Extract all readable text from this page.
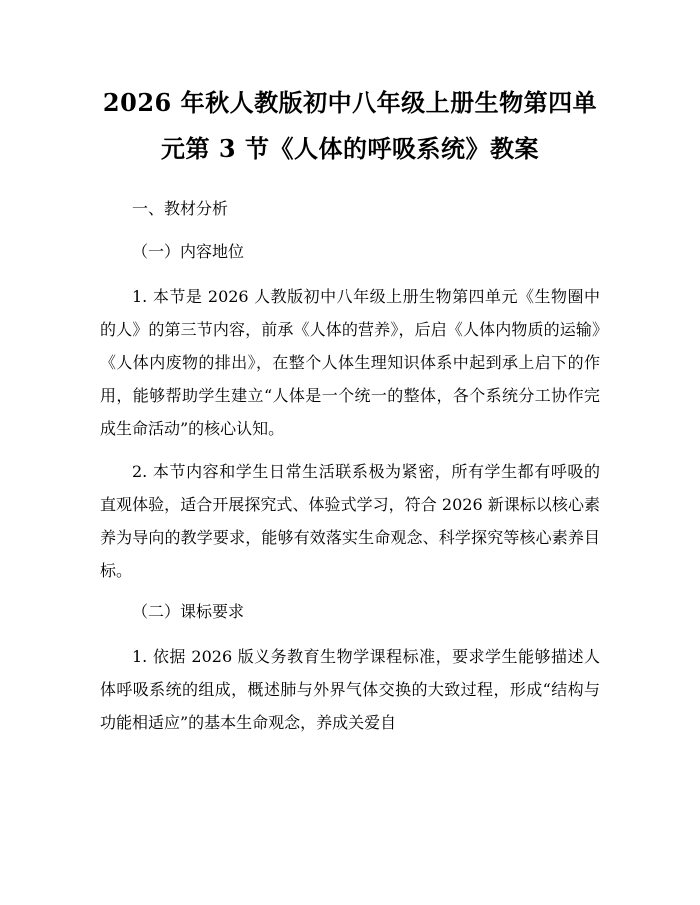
2026 年秋人教版初中八年级上册生物第四单
元第 3 节《人体的呼吸系统》教案

一、教材分析

（一）内容地位

1. 本节是 2026 人教版初中八年级上册生物第四单元《生物圈中的人》的第三节内容，前承《人体的营养》，后启《人体内物质的运输》《人体内废物的排出》，在整个人体生理知识体系中起到承上启下的作用，能够帮助学生建立“人体是一个统一的整体，各个系统分工协作完成生命活动”的核心认知。

2. 本节内容和学生日常生活联系极为紧密，所有学生都有呼吸的直观体验，适合开展探究式、体验式学习，符合 2026 新课标以核心素养为导向的教学要求，能够有效落实生命观念、科学探究等核心素养目标。

（二）课标要求

1. 依据 2026 版义务教育生物学课程标准，要求学生能够描述人体呼吸系统的组成，概述肺与外界气体交换的大致过程，形成“结构与功能相适应”的基本生命观念，养成关爱自
